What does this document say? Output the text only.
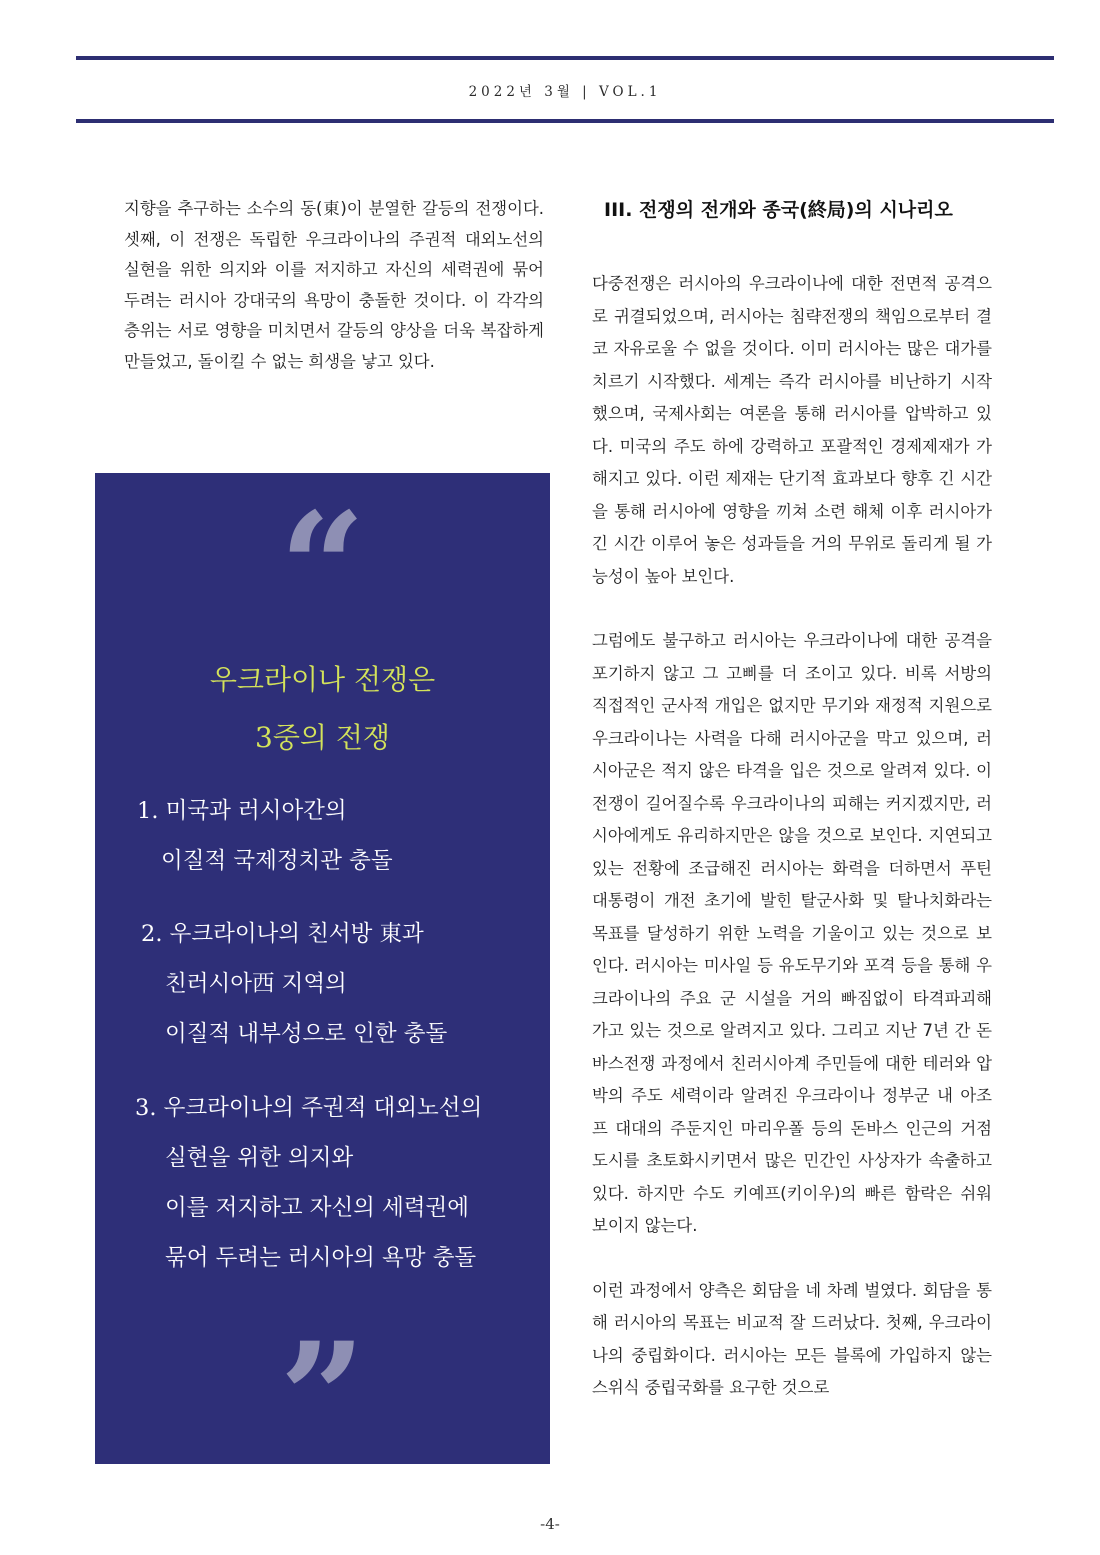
2022년 3월 | VOL.1

지향을 추구하는 소수의 동(東)이 분열한 갈등의 전쟁이다. 셋째, 이 전쟁은 독립한 우크라이나의 주권적 대외노선의 실현을 위한 의지와 이를 저지하고 자신의 세력권에 묶어 두려는 러시아 강대국의 욕망이 충돌한 것이다. 이 각각의 층위는 서로 영향을 미치면서 갈등의 양상을 더욱 복잡하게 만들었고, 돌이킬 수 없는 희생을 낳고 있다.

“
우크라이나 전쟁은
3중의 전쟁
1. 미국과 러시아간의
이질적 국제정치관 충돌
2. 우크라이나의 친서방 東과
친러시아西 지역의
이질적 내부성으로 인한 충돌
3. 우크라이나의 주권적 대외노선의
실현을 위한 의지와
이를 저지하고 자신의 세력권에
묶어 두려는 러시아의 욕망 충돌
”
III. 전쟁의 전개와 종국(終局)의 시나리오

다중전쟁은 러시아의 우크라이나에 대한 전면적 공격으로 귀결되었으며, 러시아는 침략전쟁의 책임으로부터 결코 자유로울 수 없을 것이다. 이미 러시아는 많은 대가를 치르기 시작했다. 세계는 즉각 러시아를 비난하기 시작했으며, 국제사회는 여론을 통해 러시아를 압박하고 있다. 미국의 주도 하에 강력하고 포괄적인 경제제재가 가해지고 있다. 이런 제재는 단기적 효과보다 향후 긴 시간을 통해 러시아에 영향을 끼쳐 소련 해체 이후 러시아가 긴 시간 이루어 놓은 성과들을 거의 무위로 돌리게 될 가능성이 높아 보인다.

그럼에도 불구하고 러시아는 우크라이나에 대한 공격을 포기하지 않고 그 고삐를 더 조이고 있다. 비록 서방의 직접적인 군사적 개입은 없지만 무기와 재정적 지원으로 우크라이나는 사력을 다해 러시아군을 막고 있으며, 러시아군은 적지 않은 타격을 입은 것으로 알려져 있다. 이 전쟁이 길어질수록 우크라이나의 피해는 커지겠지만, 러시아에게도 유리하지만은 않을 것으로 보인다. 지연되고 있는 전황에 조급해진 러시아는 화력을 더하면서 푸틴 대통령이 개전 초기에 발힌 탈군사화 및 탈나치화라는 목표를 달성하기 위한 노력을 기울이고 있는 것으로 보인다. 러시아는 미사일 등 유도무기와 포격 등을 통해 우크라이나의 주요 군 시설을 거의 빠짐없이 타격파괴해 가고 있는 것으로 알려지고 있다. 그리고 지난 7년 간 돈바스전쟁 과정에서 친러시아계 주민들에 대한 테러와 압박의 주도 세력이라 알려진 우크라이나 정부군 내 아조프 대대의 주둔지인 마리우폴 등의 돈바스 인근의 거점 도시를 초토화시키면서 많은 민간인 사상자가 속출하고 있다. 하지만 수도 키예프(키이우)의 빠른 함락은 쉬워 보이지 않는다.

이런 과정에서 양측은 회담을 네 차례 벌였다. 회담을 통해 러시아의 목표는 비교적 잘 드러났다. 첫째, 우크라이나의 중립화이다. 러시아는 모든 블록에 가입하지 않는 스위식 중립국화를 요구한 것으로

-4-
